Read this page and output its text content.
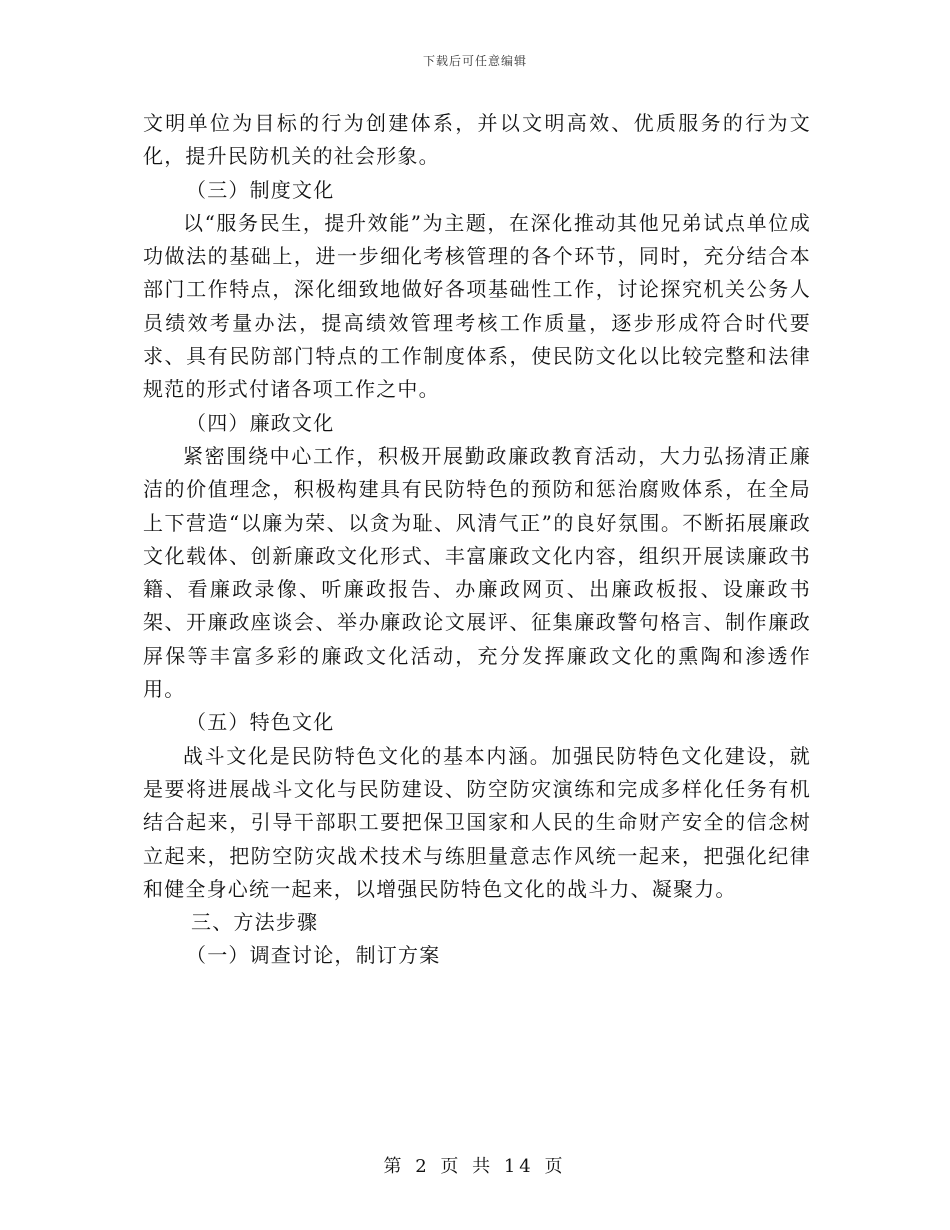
下载后可任意编辑

文明单位为目标的行为创建体系，并以文明高效、优质服务的行为文化，提升民防机关的社会形象。

（三）制度文化

以“服务民生，提升效能”为主题，在深化推动其他兄弟试点单位成功做法的基础上，进一步细化考核管理的各个环节，同时，充分结合本部门工作特点，深化细致地做好各项基础性工作，讨论探究机关公务人员绩效考量办法，提高绩效管理考核工作质量，逐步形成符合时代要求、具有民防部门特点的工作制度体系，使民防文化以比较完整和法律规范的形式付诸各项工作之中。

（四）廉政文化

紧密围绕中心工作，积极开展勤政廉政教育活动，大力弘扬清正廉洁的价值理念，积极构建具有民防特色的预防和惩治腐败体系，在全局上下营造“以廉为荣、以贪为耻、风清气正”的良好氛围。不断拓展廉政文化载体、创新廉政文化形式、丰富廉政文化内容，组织开展读廉政书籍、看廉政录像、听廉政报告、办廉政网页、出廉政板报、设廉政书架、开廉政座谈会、举办廉政论文展评、征集廉政警句格言、制作廉政屏保等丰富多彩的廉政文化活动，充分发挥廉政文化的熏陶和渗透作用。

（五）特色文化

战斗文化是民防特色文化的基本内涵。加强民防特色文化建设，就是要将进展战斗文化与民防建设、防空防灾演练和完成多样化任务有机结合起来，引导干部职工要把保卫国家和人民的生命财产安全的信念树立起来，把防空防灾战术技术与练胆量意志作风统一起来，把强化纪律和健全身心统一起来，以增强民防特色文化的战斗力、凝聚力。

三、方法步骤

（一）调查讨论，制订方案

第 2 页 共 14 页
